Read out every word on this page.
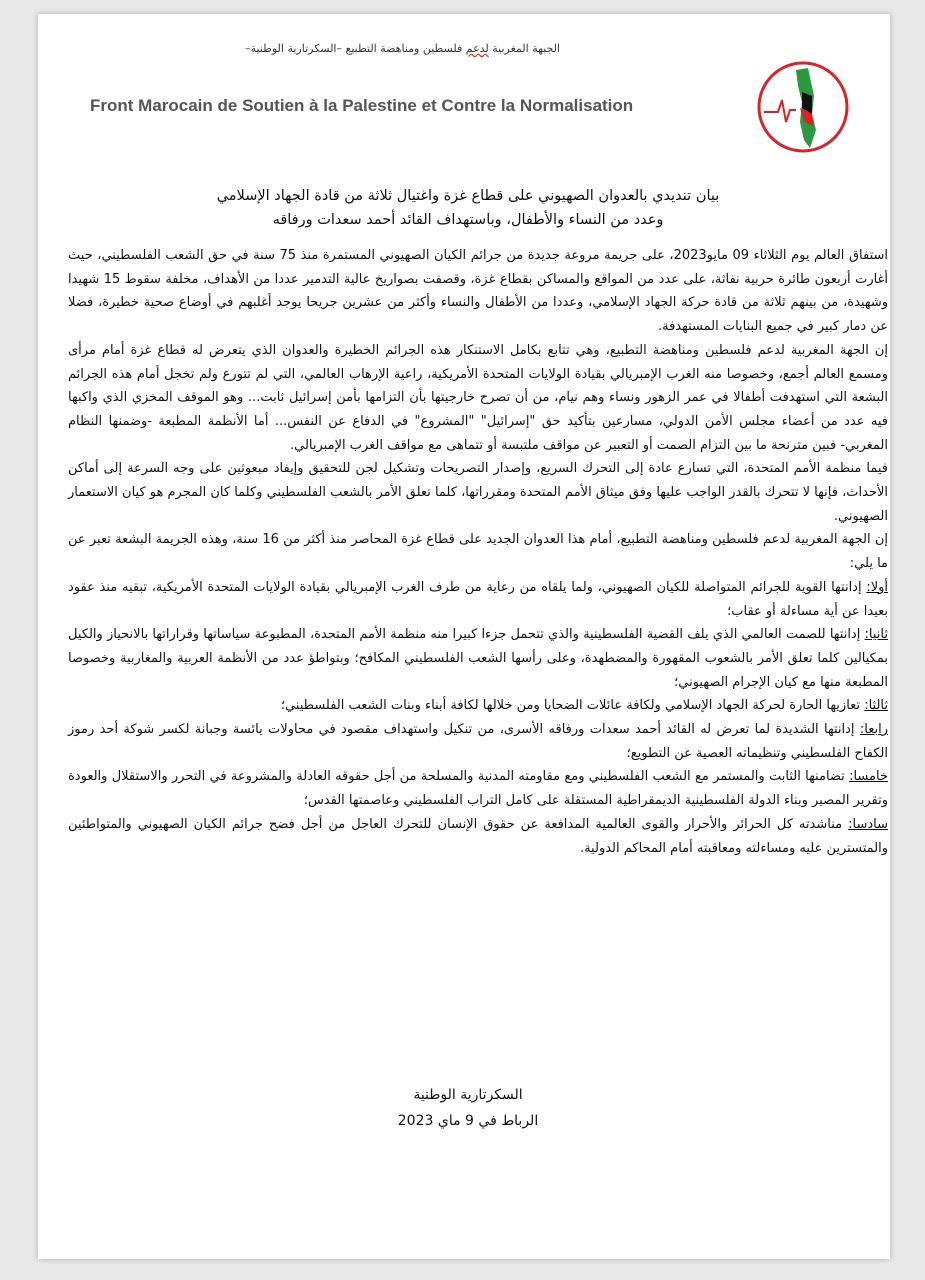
الجبهة المغربية لدعم فلسطين ومناهضة التطبيع –السكرتارية الوطنية–
Front Marocain de Soutien à la Palestine et Contre la Normalisation
بيان تنديدي بالعدوان الصهيوني على قطاع غزة واغتيال ثلاثة من قادة الجهاد الإسلامي
وعدد من النساء والأطفال، وباستهداف القائد أحمد سعدات ورفاقه

استفاق العالم يوم الثلاثاء 09 مايو2023، على جريمة مروعة جديدة من جرائم الكيان الصهيوني المستمرة منذ 75 سنة في حق الشعب الفلسطيني، حيث أغارت أربعون طائرة حربية نفاثة، على عدد من المواقع والمساكن بقطاع غزة، وقصفت بصواريخ عالية التدمير عددا من الأهداف، مخلفة سقوط 15 شهيدا وشهيدة، من بينهم ثلاثة من قادة حركة الجهاد الإسلامي، وعددا من الأطفال والنساء وأكثر من عشرين جريحا يوجد أغلبهم في أوضاع صحية خطيرة، فضلا عن دمار كبير في جميع البنايات المستهدفة.

إن الجهة المغربية لدعم فلسطين ومناهضة التطبيع، وهي تتابع بكامل الاستنكار هذه الجرائم الخطيرة والعدوان الذي يتعرض له قطاع غزة أمام مرأى ومسمع العالم أجمع، وخصوصا منه الغرب الإمبريالي بقيادة الولايات المتحدة الأمريكية، راعية الإرهاب العالمي، التي لم تتورع ولم تخجل أمام هذه الجرائم البشعة التي استهدفت أطفالا في عمر الزهور ونساء وهم نيام، من أن تصرح خارجيتها بأن التزامها بأمن إسرائيل ثابت... وهو الموقف المخزي الذي واكبها فيه عدد من أعضاء مجلس الأمن الدولي، مسارعين بتأكيد حق "إسرائيل" "المشروع" في الدفاع عن النفس... أما الأنظمة المطبعة -وضمنها النظام المغربي- فبين مترنحة ما بين التزام الصمت أو التعبير عن مواقف ملتبسة أو تتماهى مع مواقف الغرب الإمبريالي.

فيما منظمة الأمم المتحدة، التي تسارع عادة إلى التحرك السريع، وإصدار التصريحات وتشكيل لجن للتحقيق وإيفاد مبعوثين على وجه السرعة إلى أماكن الأحداث، فإنها لا تتحرك بالقدر الواجب عليها وفق ميثاق الأمم المتحدة ومقرراتها، كلما تعلق الأمر بالشعب الفلسطيني وكلما كان المجرم هو كيان الاستعمار الصهيوني.

إن الجهة المغربية لدعم فلسطين ومناهضة التطبيع، أمام هذا العدوان الجديد على قطاع غزة المحاصر منذ أكثر من 16 سنة، وهذه الجريمة البشعة تعبر عن ما يلي:

أولا: إدانتها القوية للجرائم المتواصلة للكيان الصهيوني، ولما يلقاه من رعاية من طرف الغرب الإمبريالي بقيادة الولايات المتحدة الأمريكية، تبقيه منذ عقود بعيدا عن أية مساءلة أو عقاب؛

ثانيا: إدانتها للصمت العالمي الذي يلف القضية الفلسطينية والذي تتحمل جزءا كبيرا منه منظمة الأمم المتحدة، المطبوعة سياساتها وقراراتها بالانحياز والكيل بمكيالين كلما تعلق الأمر بالشعوب المقهورة والمضطهدة، وعلى رأسها الشعب الفلسطيني المكافح؛ وبتواطؤ عدد من الأنظمة العربية والمغاربية وخصوصا المطبعة منها مع كيان الإجرام الصهيوني؛

ثالثا: تعازيها الحارة لحركة الجهاد الإسلامي ولكافة عائلات الضحايا ومن خلالها لكافة أبناء وبنات الشعب الفلسطيني؛

رابعا: إدانتها الشديدة لما تعرض له القائد أحمد سعدات ورفاقه الأسرى، من تنكيل واستهداف مقصود في محاولات يائسة وجبانة لكسر شوكة أحد رموز الكفاح الفلسطيني وتنظيماته العصية عن التطويع؛

خامسا: تضامنها الثابت والمستمر مع الشعب الفلسطيني ومع مقاومته المدنية والمسلحة من أجل حقوقه العادلة والمشروعة في التحرر والاستقلال والعودة وتقرير المصير وبناء الدولة الفلسطينية الديمقراطية المستقلة على كامل التراب الفلسطيني وعاصمتها القدس؛

سادسا: مناشدته كل الحرائر والأحرار والقوى العالمية المدافعة عن حقوق الإنسان للتحرك العاجل من أجل فضح جرائم الكيان الصهيوني والمتواطئين والمتسترين عليه ومساءلته ومعاقبته أمام المحاكم الدولية.

السكرتارية الوطنية
الرباط في 9 ماي 2023
